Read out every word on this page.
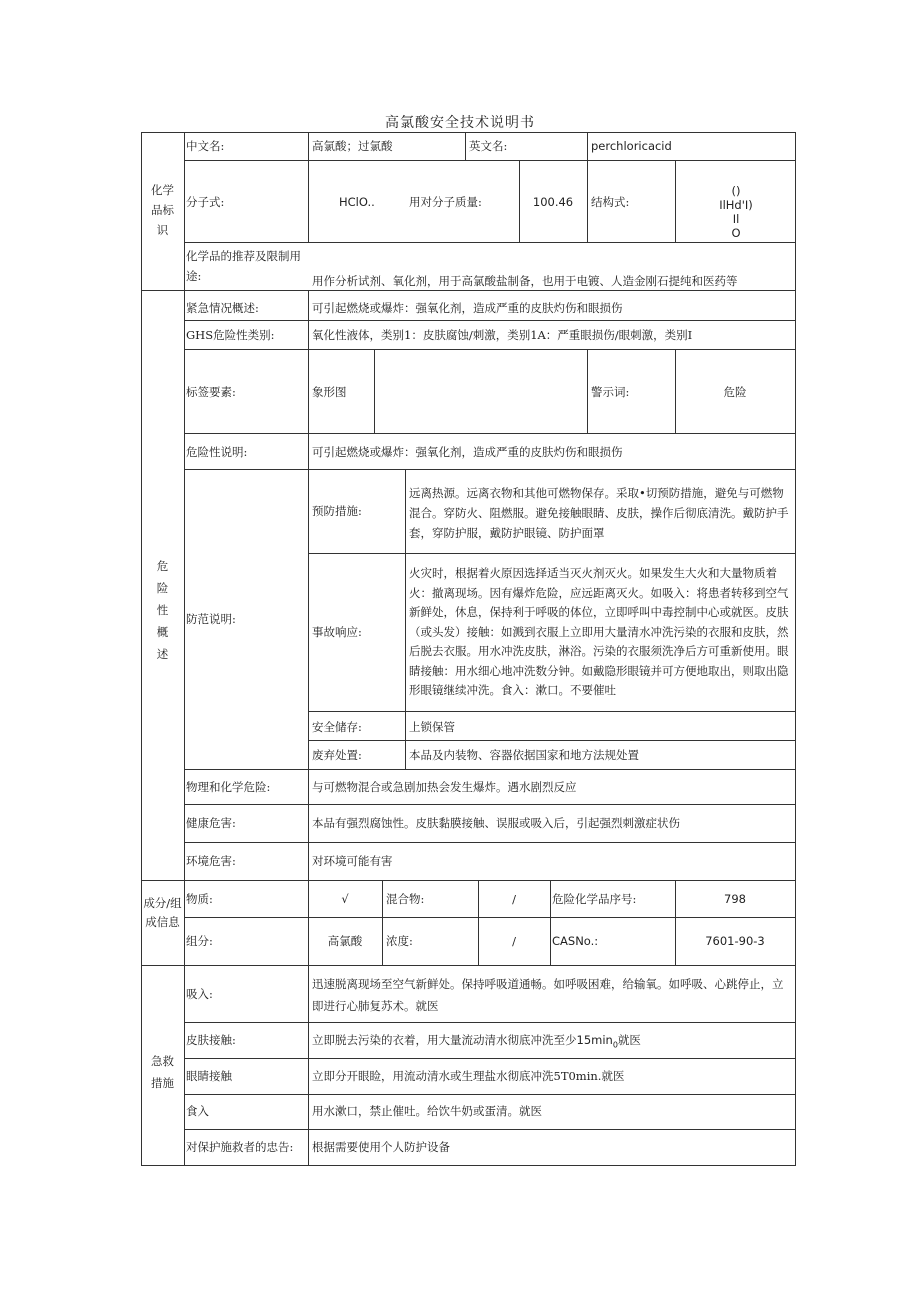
高氯酸安全技术说明书
化学品标识
中文名:	高氯酸；过氯酸	英文名:	perchloricacid
分子式:	HClO..	用对分子质量:	100.46	结构式:
()
IlHd'I)
Il
O
化学品的推荐及限制用途:	用作分析试剂、氧化剂，用于高氯酸盐制备，也用于电镀、人造金刚石提纯和医药等
危险性概述
紧急情况概述:	可引起燃烧或爆炸：强氧化剂，造成严重的皮肤灼伤和眼损伤
GHS危险性类别:	氧化性液体，类别1：皮肤腐蚀/刺激，类别1A：严重眼损伤/眼刺激，类别I
标签要素:	象形图	警示词:	危险
危险性说明:	可引起燃烧或爆炸：强氧化剂，造成严重的皮肤灼伤和眼损伤
防范说明:
预防措施:
远离热源。远离衣物和其他可燃物保存。采取•切预防措施，避免与可燃物混合。穿防火、阻燃服。避免接触眼睛、皮肤，操作后彻底清洗。戴防护手套，穿防护服，戴防护眼镜、防护面罩
事故响应:
火灾时，根据着火原因选择适当灭火剂灭火。如果发生大火和大量物质着火：撤离现场。因有爆炸危险，应远距离灭火。如吸入：将患者转移到空气新鲜处，休息，保持利于呼吸的体位，立即呼叫中毒控制中心或就医。皮肤（或头发）接触：如溅到衣服上立即用大量清水冲洗污染的衣服和皮肤，然后脱去衣服。用水冲洗皮肤，淋浴。污染的衣服须洗净后方可重新使用。眼睛接触：用水细心地冲洗数分钟。如戴隐形眼镜并可方便地取出，则取出隐形眼镜继续冲洗。食入：漱口。不要催吐
安全储存:	上锁保管
废弃处置:	本品及内装物、容器依据国家和地方法规处置
物理和化学危险:	与可燃物混合或急剧加热会发生爆炸。遇水剧烈反应
健康危害:	本品有强烈腐蚀性。皮肤黏膜接触、误服或吸入后，引起强烈刺激症状伤
环境危害:	对环境可能有害
成分/组成信息
物质:	√	混合物:	/	危险化学品序号:	798
组分:	高氯酸	浓度:	/	CASNo.:	7601-90-3
急救措施
吸入:
迅速脱离现场至空气新鲜处。保持呼吸道通畅。如呼吸困难，给输氧。如呼吸、心跳停止，立即进行心肺复苏术。就医
皮肤接触:	立即脱去污染的衣着，用大量流动清水彻底冲洗至少$15\min_0$就医
眼睛接触	立即分开眼睑，用流动清水或生理盐水彻底冲洗5T0min.就医
食入	用水漱口，禁止催吐。给饮牛奶或蛋清。就医
对保护施救者的忠告: 根据需要使用个人防护设备
